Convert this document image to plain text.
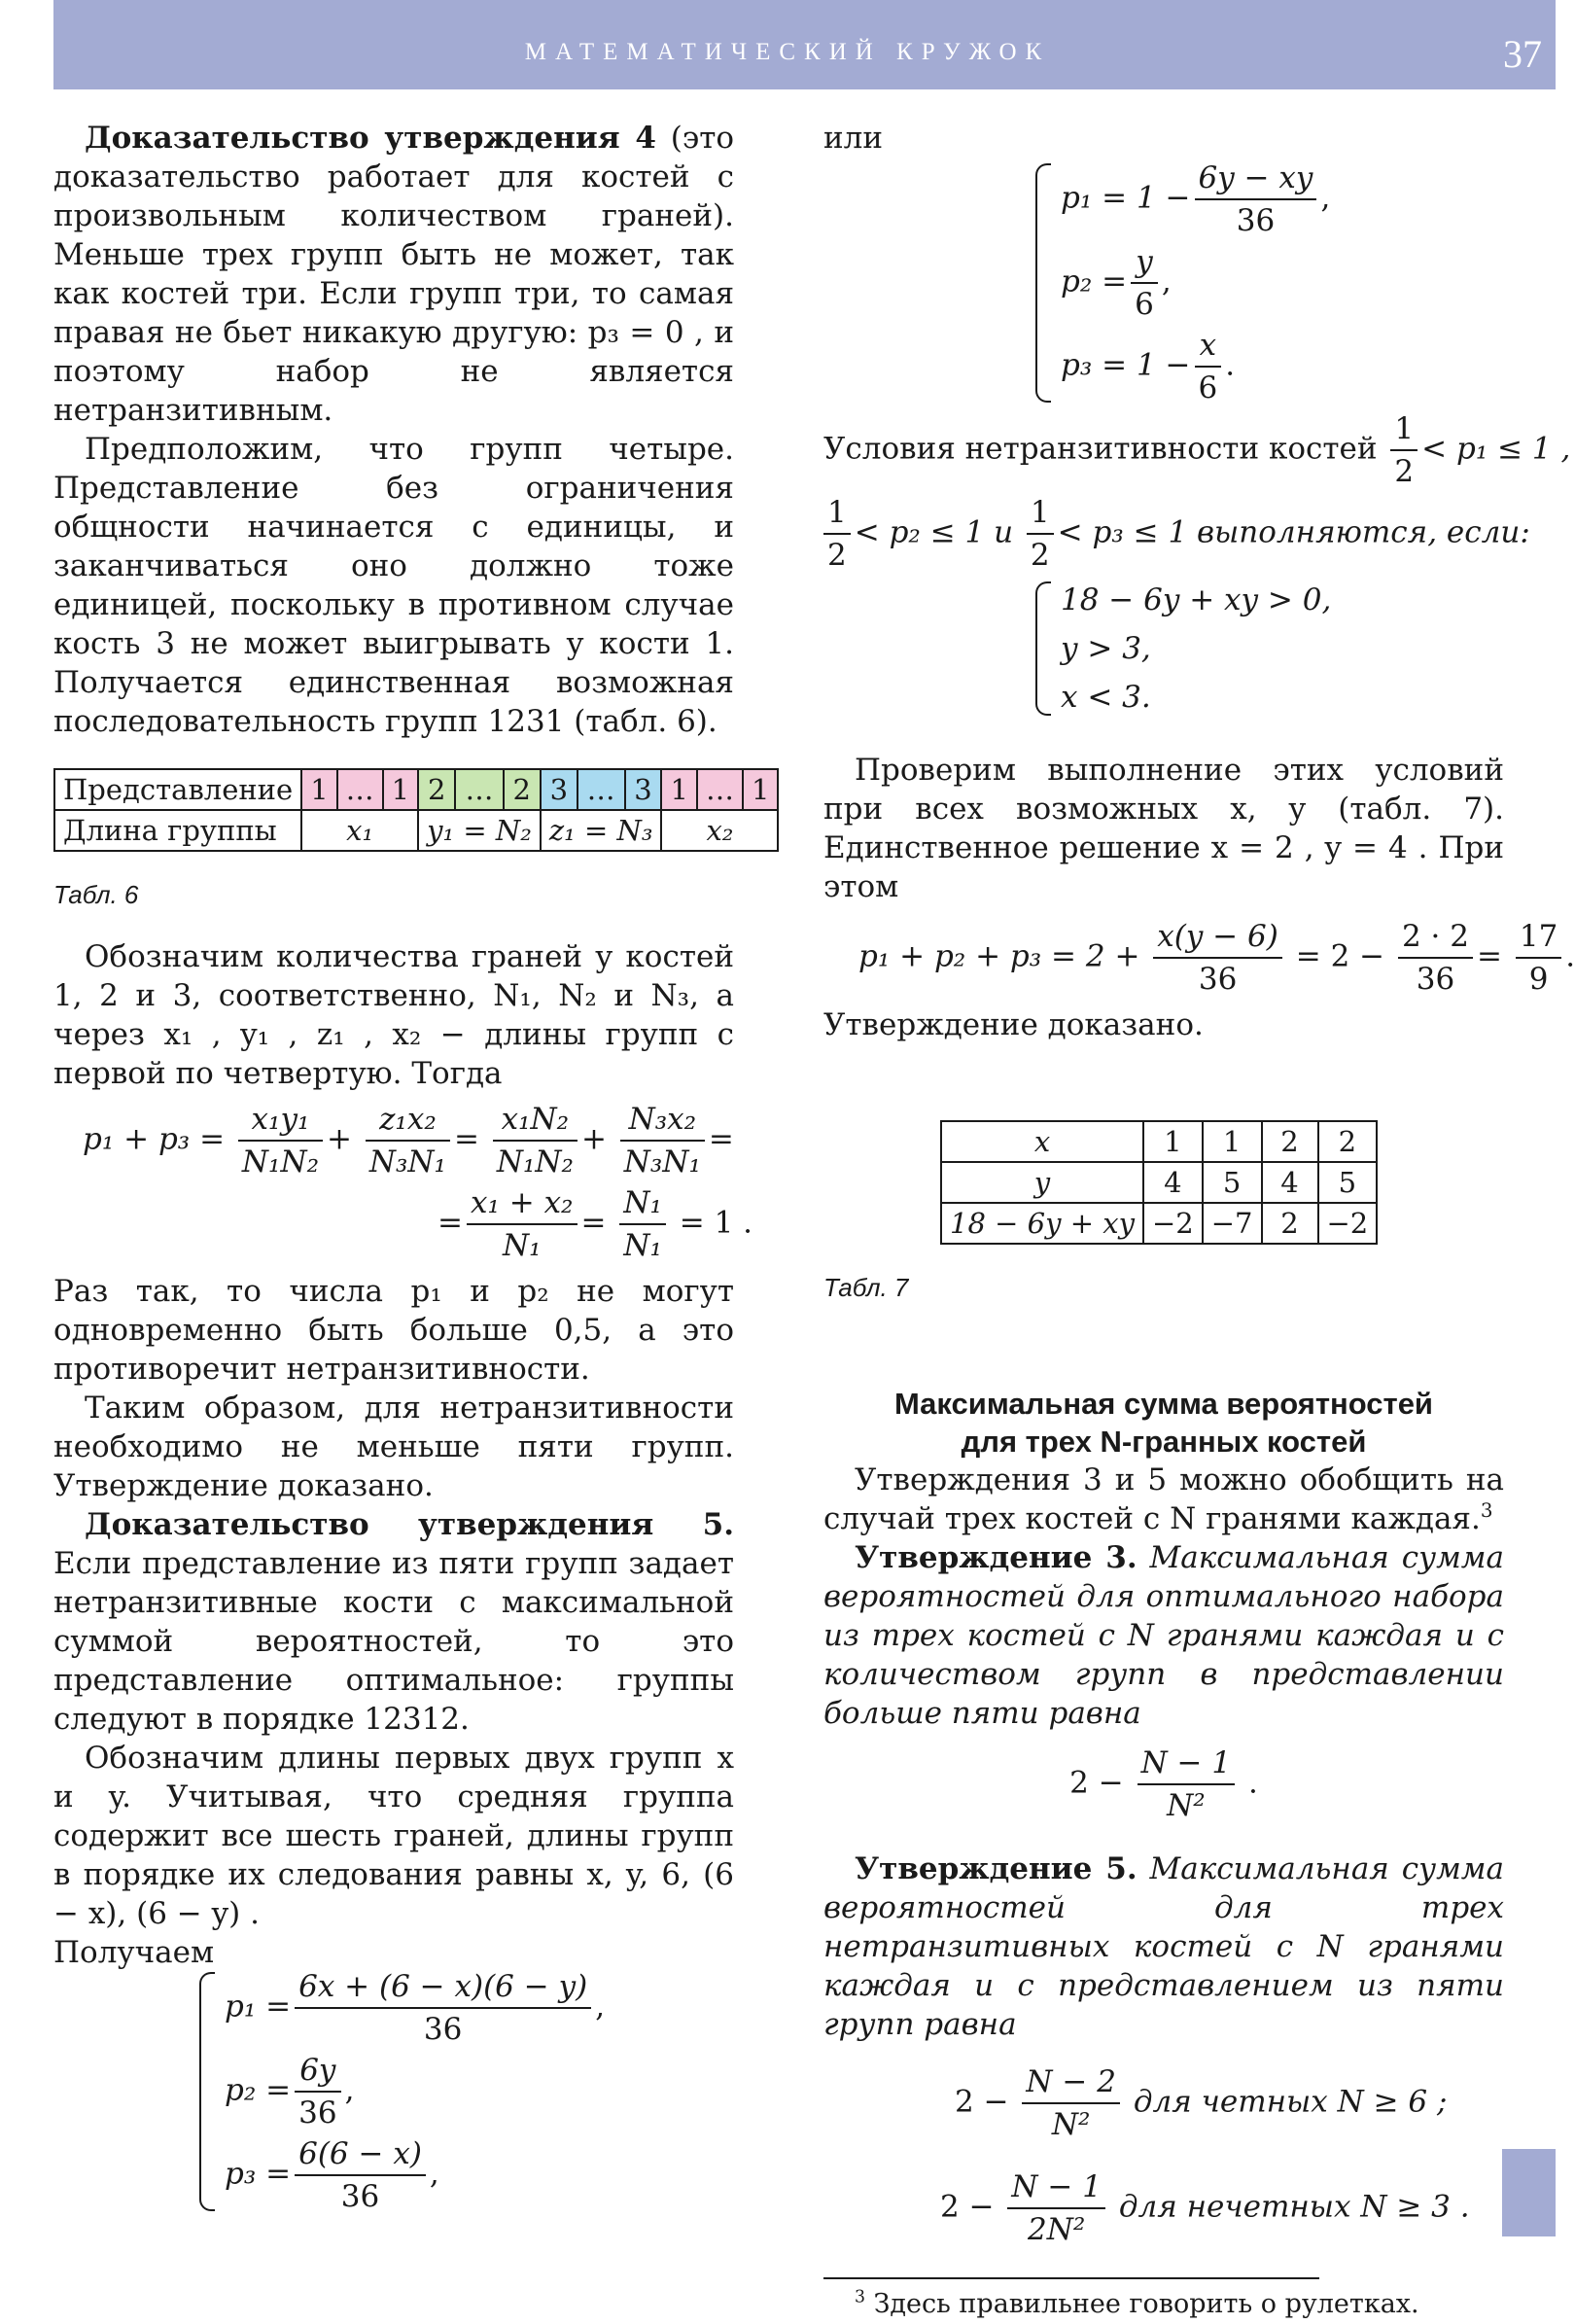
МАТЕМАТИЧЕСКИЙ КРУЖОК	37

Доказательство утверждения 4 (это доказательство работает для костей с произвольным количеством граней). Меньше трех групп быть не может, так как костей три. Если групп три, то самая правая не бьет никакую другую: p₃ = 0 , и поэтому набор не является нетранзитивным.

Предположим, что групп четыре. Представление без ограничения общности начинается с единицы, и заканчиваться оно должно тоже единицей, поскольку в противном случае кость 3 не может выигрывать у кости 1. Получается единственная возможная последовательность групп 1231 (табл. 6).

Представление	1	…	1	2	…	2	3	…	3	1	…	1
Длина группы	x₁			y₁ = N₂			z₁ = N₃			x₂		

Табл. 6

Обозначим количества граней у костей 1, 2 и 3, соответственно, N₁, N₂ и N₃, а через x₁ , y₁ , z₁ , x₂ − длины групп с первой по четвертую. Тогда

$p_1 + p_3 = \frac{\text{x₁y₁}}{\text{N₁N₂}} + \frac{\text{z₁x₂}}{\text{N₃N₁}} = \frac{\text{x₁N₂}}{\text{N₁N₂}} + \frac{\text{N₃x₂}}{\text{N₃N₁}}$ =
= $\frac{\text{x₁ + x₂}}{\text{N₁}} = \frac{\text{N₁}}{\text{N₁}} = 1$ .

Раз так, то числа p₁ и p₂ не могут одновременно быть больше 0,5, а это противоречит нетранзитивности.

Таким образом, для нетранзитивности необходимо не меньше пяти групп. Утверждение доказано.

Доказательство утверждения 5. Если представление из пяти групп задает нетранзитивные кости с максимальной суммой вероятностей, то это представление оптимальное: группы следуют в порядке 12312.

Обозначим длины первых двух групп x и y. Учитывая, что средняя группа содержит все шесть граней, длины групп в порядке их следования равны x, y, 6, (6 − x), (6 − y) .

Получаем

$p_1 = \frac{6x + (6 - x)(6 - y)}{36}$ ,
$p_2 = \frac{6y}{36}$ ,
$p_3 = \frac{6(6 - x)}{36}$ ,

или

$p_1 = 1 - \frac{6y - xy}{36}$ ,
$p_2 = \frac{y}{6}$ ,
$p_3 = 1 - \frac{x}{6}$ .

Условия нетранзитивности костей $\frac{1}{2} < p_1 \le 1$ ,

$\frac{1}{2} < p_2 \le 1$ и $\frac{1}{2} < p_3 \le 1$ выполняются, если:

18 − 6y + xy > 0,
y > 3,
x < 3.

Проверим выполнение этих условий при всех возможных x, y (табл. 7). Единственное решение x = 2 , y = 4 . При этом

$p_1 + p_2 + p_3 = 2 + \frac{x(y - 6)}{36} = 2 - \frac{2 \cdot 2}{36} = \frac{17}{9}$ .

Утверждение доказано.

x	1	1	2	2
y	4	5	4	5
18 − 6y + xy	−2	−7	2	−2

Табл. 7

Максимальная сумма вероятностей

для трех N-гранных костей

Утверждения 3 и 5 можно обобщить на случай трех костей с N гранями каждая.$^3$

Утверждение 3. Максимальная сумма вероятностей для оптимального набора из трех костей с N гранями каждая и с количеством групп в представлении больше пяти равна

$2 - \frac{N - 1}{\text{N²}}$ .

Утверждение 5. Максимальная сумма вероятностей для трех нетранзитивных костей с N гранями каждая и с представлением из пяти групп равна

$2 - \frac{N - 2}{\text{N²}}$ для четных N ≥ 6 ;
$2 - \frac{N - 1}{\text{2N²}}$ для нечетных N ≥ 3 .

$^3$ Здесь правильнее говорить о рулетках.
